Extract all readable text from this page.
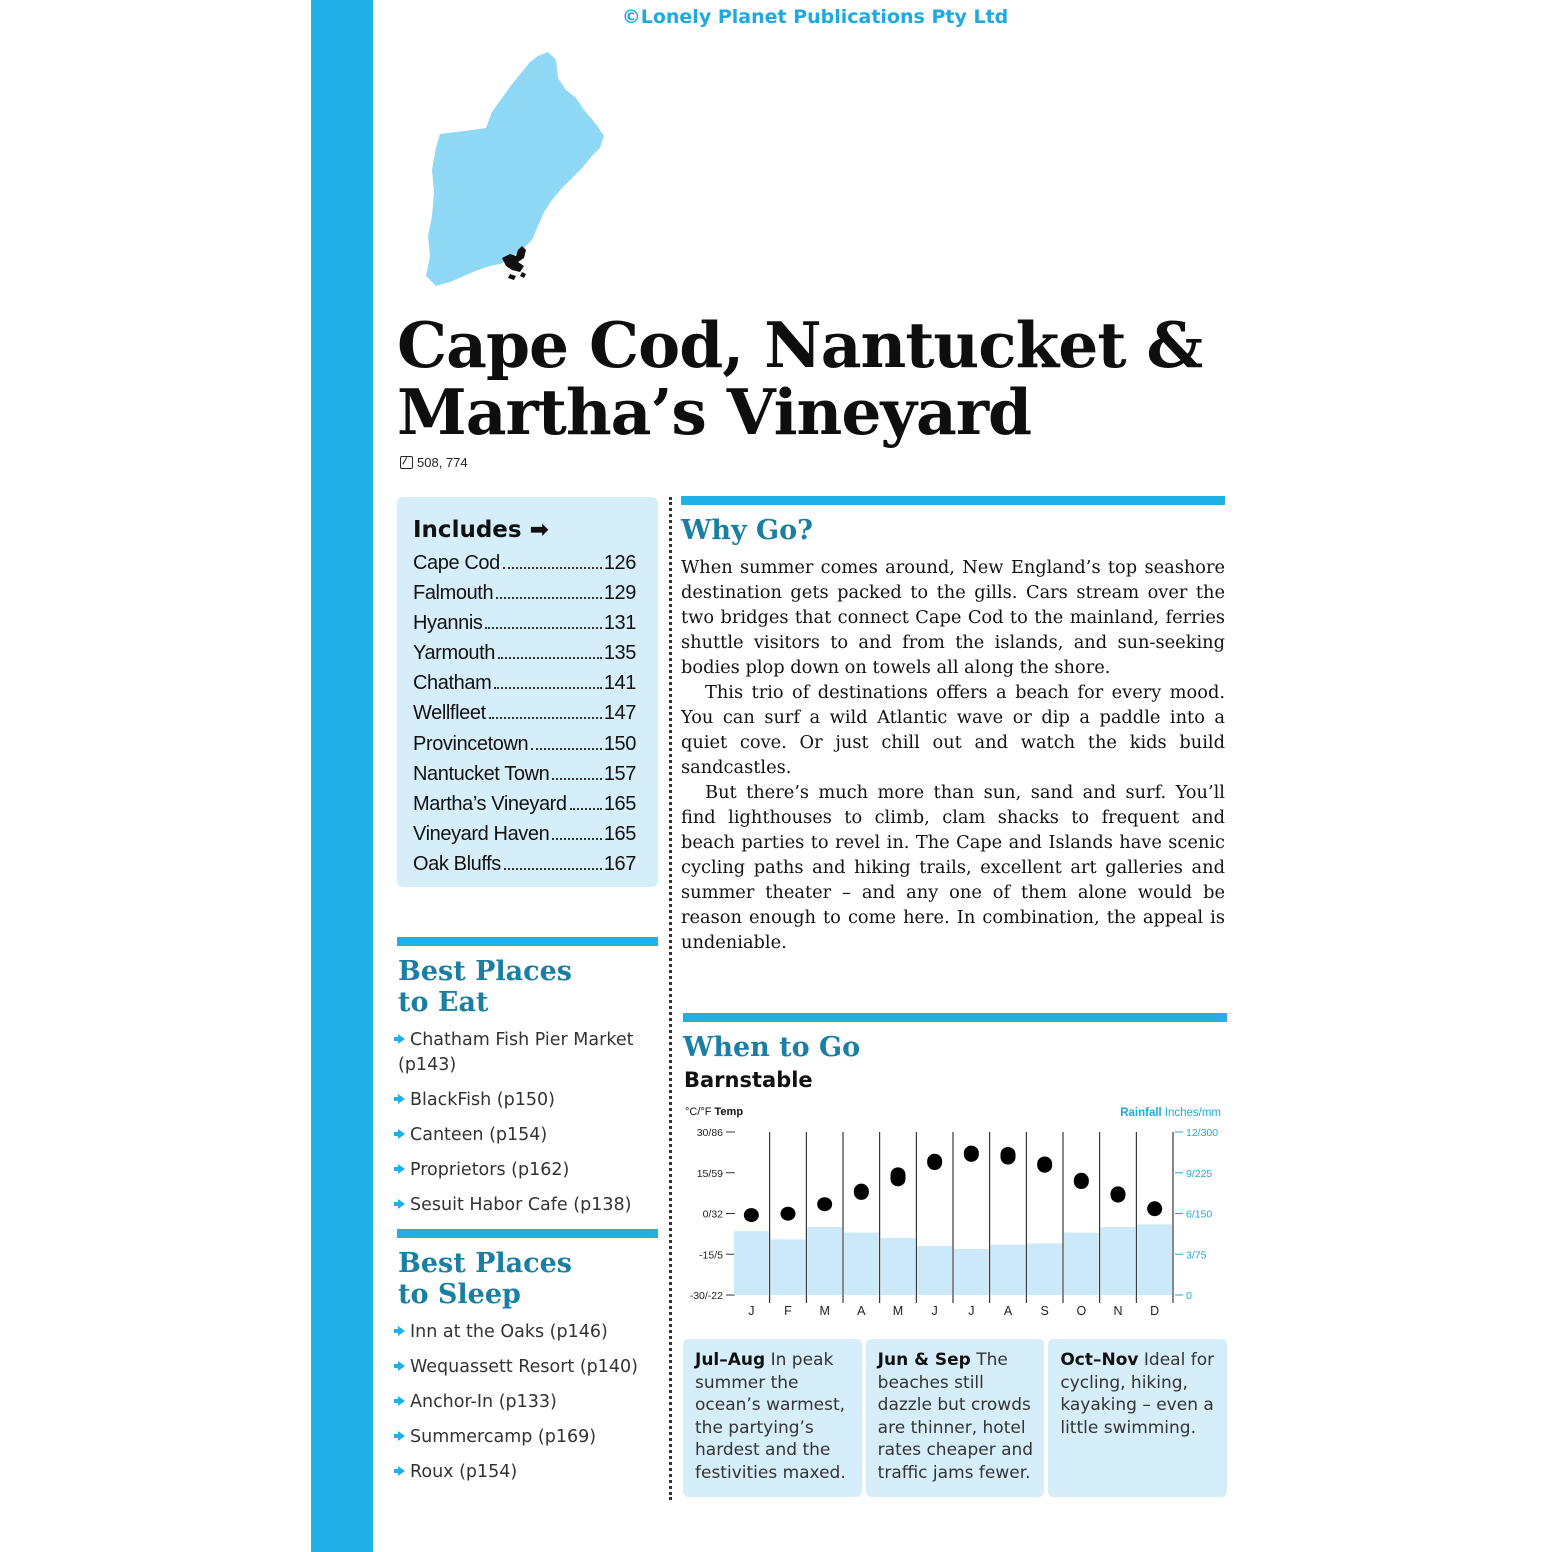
©Lonely Planet Publications Pty Ltd
Cape Cod, Nantucket &
Martha’s Vineyard
508, 774
Includes ➡
Cape Cod	126
Falmouth	129
Hyannis	131
Yarmouth	135
Chatham	141
Wellfleet	147
Provincetown	150
Nantucket Town	157
Martha’s Vineyard 165
Vineyard Haven	165
Oak Bluffs	167
Best Places
to Eat
Chatham Fish Pier Market (p143)
BlackFish (p150)
Canteen (p154)
Proprietors (p162)
Sesuit Habor Cafe (p138)
Best Places
to Sleep
Inn at the Oaks (p146)
Wequassett Resort (p140)
Anchor-In (p133)
Summercamp (p169)
Roux (p154)
Why Go?

When summer comes around, New England’s top seashore destination gets packed to the gills. Cars stream over the two bridges that connect Cape Cod to the mainland, ferries shuttle visitors to and from the islands, and sun-seeking bodies plop down on towels all along the shore.

This trio of destinations offers a beach for every mood. You can surf a wild Atlantic wave or dip a paddle into a quiet cove. Or just chill out and watch the kids build sandcastles.

But there’s much more than sun, sand and surf. You’ll find lighthouses to climb, clam shacks to frequent and beach parties to revel in. The Cape and Islands have scenic cycling paths and hiking trails, excellent art galleries and summer theater – and any one of them alone would be reason enough to come here. In combination, the appeal is undeniable.

When to Go
Barnstable
°C/°F Temp	Rainfall Inches/mm
30/86	12/300
15/59	9/225
0/32	6/150
-15/5	3/75
-30/-22	0
J F M A M J J A S O N D
Jul–Aug In peak summer the ocean’s warmest, the partying’s hardest and the festivities maxed.
Jun & Sep The beaches still dazzle but crowds are thinner, hotel rates cheaper and traffic jams fewer.
Oct–Nov Ideal for cycling, hiking, kayaking – even a little swimming.
